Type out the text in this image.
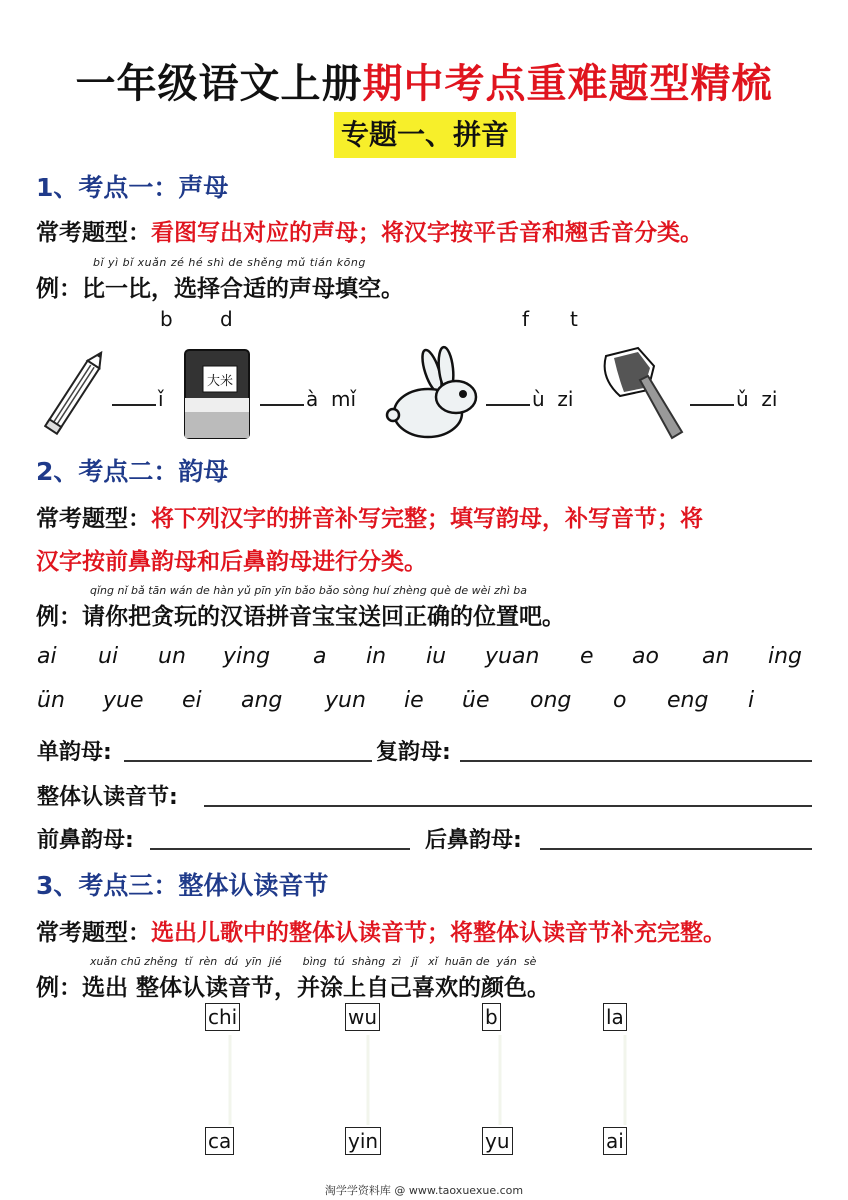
一年级语文上册期中考点重难题型精梳
专题一、拼音
1、考点一：声母
常考题型：看图写出对应的声母；将汉字按平舌音和翘舌音分类。
bǐ yì bǐ xuǎn zé hé shì de shěng mǔ tián kōng
例：比一比，选择合适的声母填空。
b d	f t
ǐ
大米
à  mǐ	ù  zi	ǔ  zi
2、考点二：韵母
常考题型：将下列汉字的拼音补写完整；填写韵母，补写音节；将
汉字按前鼻韵母和后鼻韵母进行分类。
qǐng nǐ bǎ tān wán de hàn yǔ pīn yīn bǎo bǎo sòng huí zhèng què de wèi zhì ba
例：请你把贪玩的汉语拼音宝宝送回正确的位置吧。
ai ui un ying a in iu yuan e ao an ing
ün yue ei ang yun ie üe ong o eng i
单韵母:	复韵母:
整体认读音节:
前鼻韵母:	后鼻韵母:
3、考点三：整体认读音节
常考题型：选出儿歌中的整体认读音节；将整体认读音节补充完整。
xuǎn chū zhěng  tǐ  rèn  dú  yīn  jié      bìng  tú  shàng  zì   jǐ   xǐ  huān de  yán  sè
例：选出 整体认读音节，并涂上自己喜欢的颜色。
chi	wu	b	la
ca	yin	yu	ai
淘学学资料库 @ www.taoxuexue.com
